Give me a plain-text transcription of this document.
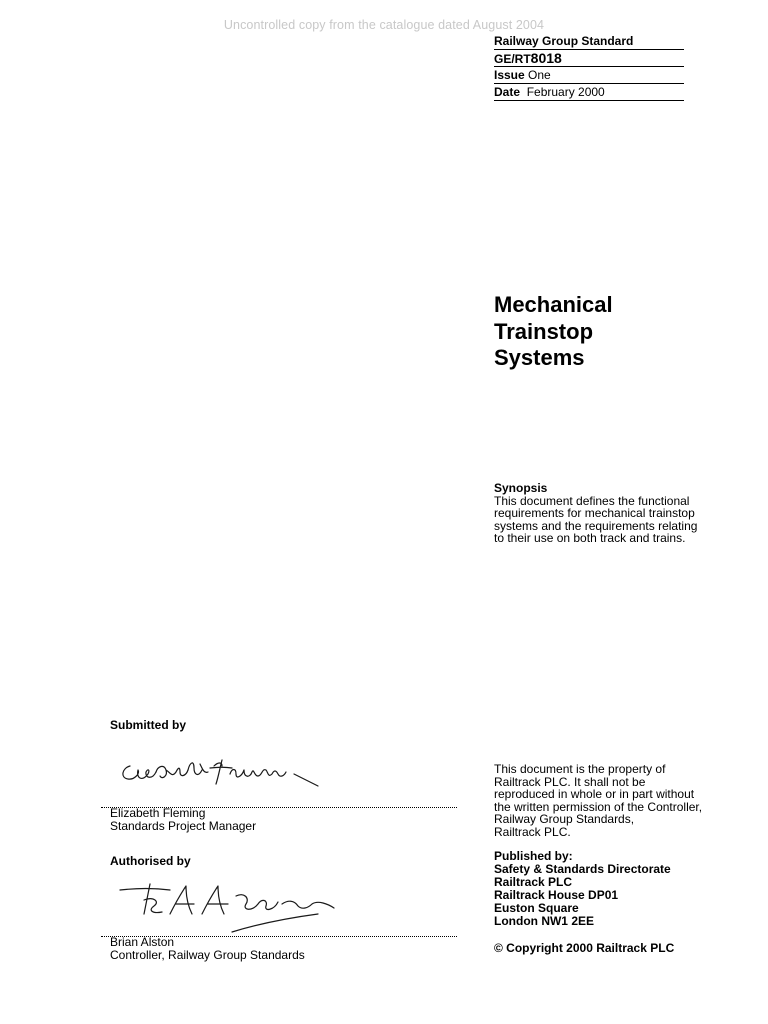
Uncontrolled copy from the catalogue dated August 2004
Railway Group Standard
GE/RT8018
Issue One
Date February 2000
Mechanical
Trainstop
Systems
Synopsis
This document defines the functional
requirements for mechanical trainstop
systems and the requirements relating
to their use on both track and trains.
This document is the property of
Railtrack PLC. It shall not be
reproduced in whole or in part without
the written permission of the Controller,
Railway Group Standards,
Railtrack PLC.
Published by:
Safety & Standards Directorate
Railtrack PLC
Railtrack House DP01
Euston Square
London NW1 2EE
© Copyright 2000 Railtrack PLC
Submitted by
Elizabeth Fleming
Standards Project Manager
Authorised by
Brian Alston
Controller, Railway Group Standards
